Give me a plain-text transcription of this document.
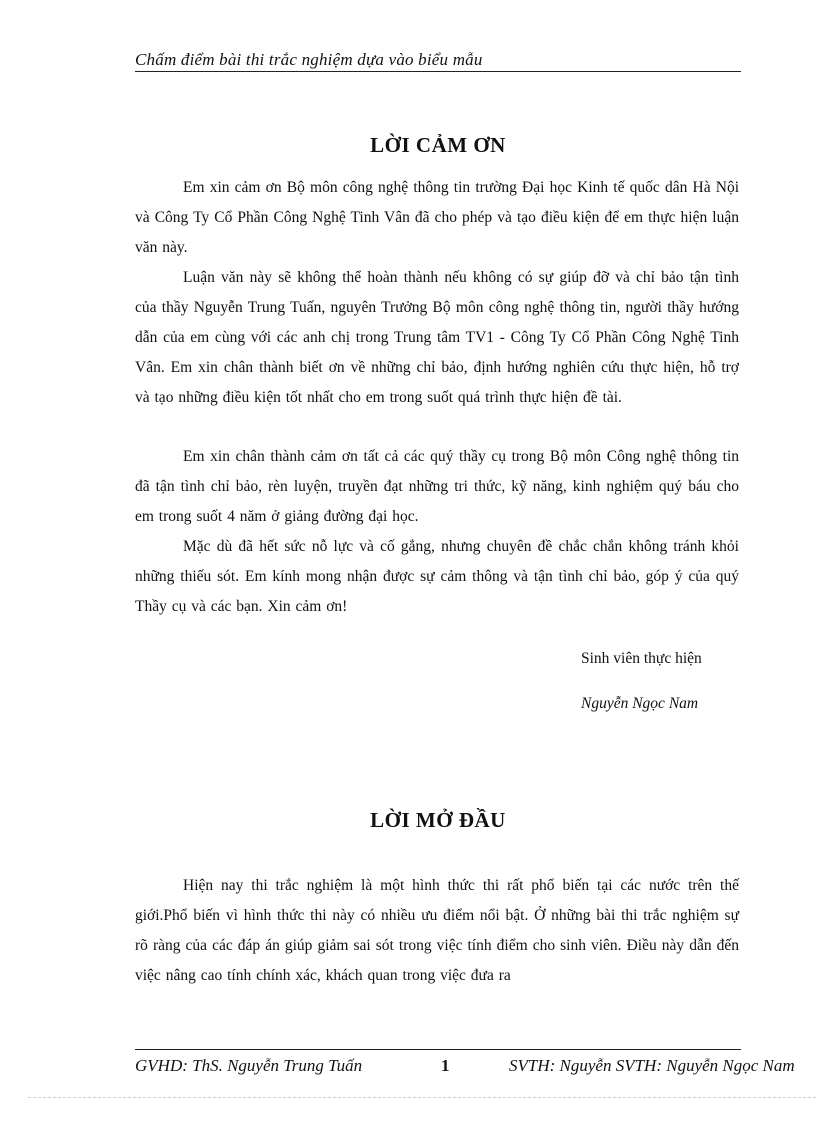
Chấm điểm bài thi trắc nghiệm dựa vào biểu mẫu
LỜI CẢM ƠN
Em xin cảm ơn Bộ môn công nghệ thông tin trường Đại học Kinh tế quốc dân Hà Nội và Công Ty Cổ Phần Công Nghệ Tinh Vân đã cho phép và tạo điều kiện để em thực hiện luận văn này.
Luận văn này sẽ không thể hoàn thành nếu không có sự giúp đỡ và chỉ bảo tận tình của thầy Nguyễn Trung Tuấn, nguyên Trưởng Bộ môn công nghệ thông tin, người thầy hướng dẫn của em cùng với các anh chị trong Trung tâm TV1 - Công Ty Cổ Phần Công Nghệ Tinh Vân. Em xin chân thành biết ơn về những chỉ bảo, định hướng nghiên cứu thực hiện, hỗ trợ và tạo những điều kiện tốt nhất cho em trong suốt quá trình thực hiện đề tài.
Em xin chân thành cảm ơn tất cả các quý thầy cụ trong Bộ môn Công nghệ thông tin đã tận tình chỉ bảo, rèn luyện, truyền đạt những tri thức, kỹ năng, kinh nghiệm quý báu cho em trong suốt 4 năm ở giảng đường đại học.
Mặc dù đã hết sức nỗ lực và cố gắng, nhưng chuyên đề chắc chắn không tránh khỏi những thiếu sót. Em kính mong nhận được sự cảm thông và tận tình chỉ bảo, góp ý của quý Thầy cụ và các bạn. Xin cảm ơn!
Sinh viên thực hiện
Nguyễn Ngọc Nam
LỜI MỞ ĐẦU
Hiện nay thi trắc nghiệm là một hình thức thi rất phổ biến tại các nước trên thế giới.Phổ biến vì hình thức thi này có nhiều ưu điểm nổi bật. Ở những bài thi trắc nghiệm sự rõ ràng của các đáp án giúp giảm sai sót trong việc tính điểm cho sinh viên. Điều này dẫn đến việc nâng cao tính chính xác, khách quan trong việc đưa ra
GVHD: ThS. Nguyễn Trung Tuấn	1	SVTH: Nguyễn SVTH: Nguyễn Ngọc Nam
